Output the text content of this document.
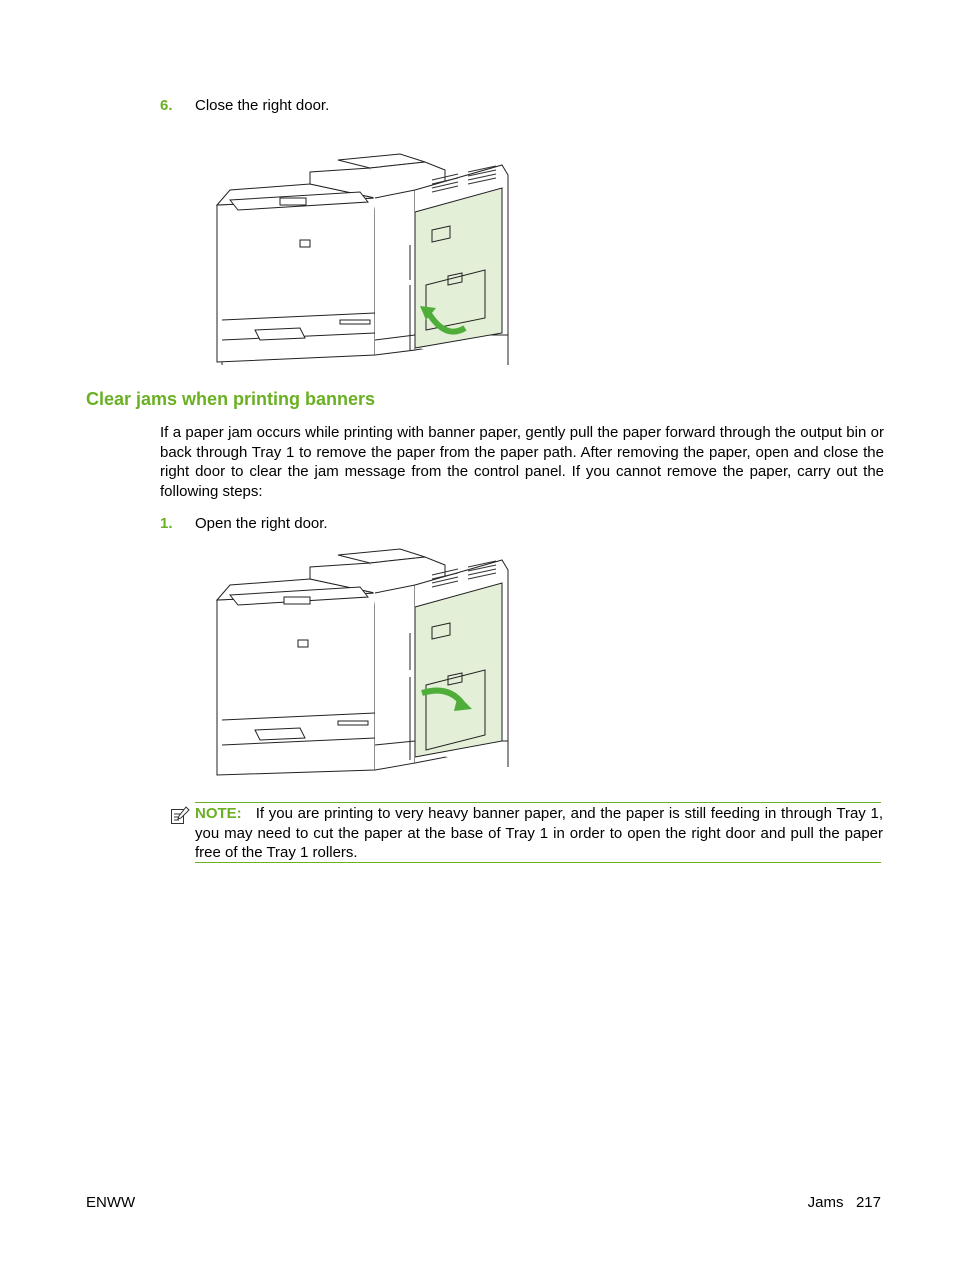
6. Close the right door.
Clear jams when printing banners
If a paper jam occurs while printing with banner paper, gently pull the paper forward through the output bin or back through Tray 1 to remove the paper from the paper path. After removing the paper, open and close the right door to clear the jam message from the control panel. If you cannot remove the paper, carry out the following steps:
1. Open the right door.
NOTE: If you are printing to very heavy banner paper, and the paper is still feeding in through Tray 1, you may need to cut the paper at the base of Tray 1 in order to open the right door and pull the paper free of the Tray 1 rollers.
ENWW	Jams 217
